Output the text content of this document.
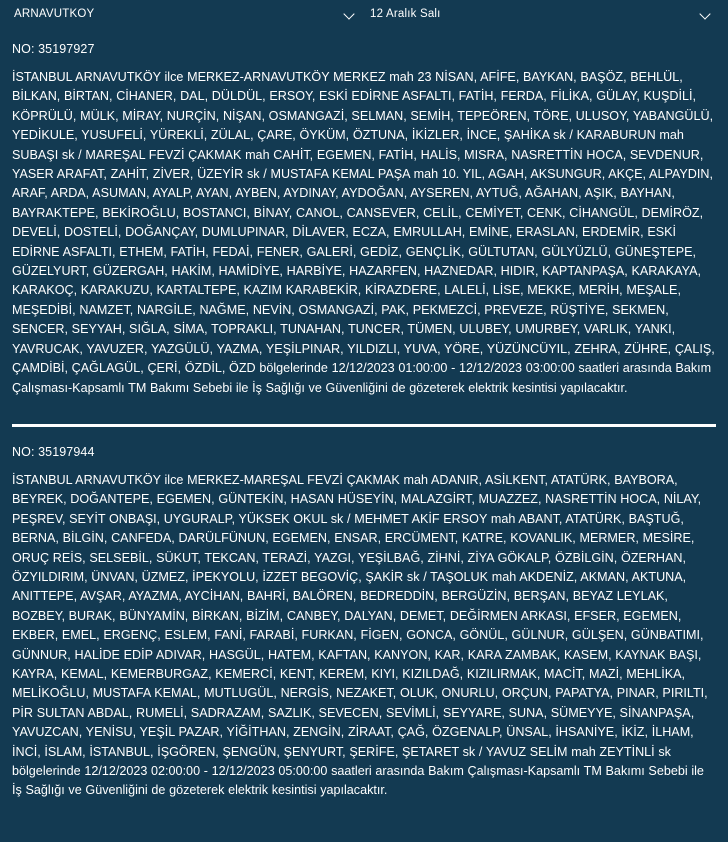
ARNAVUTKÖY	12 Aralık Salı
NO: 35197927

İSTANBUL ARNAVUTKÖY ilce MERKEZ-ARNAVUTKÖY MERKEZ mah 23 NİSAN, AFİFE, BAYKAN, BAŞÖZ, BEHLÜL, BİLKAN, BİRTAN, CİHANER, DAL, DÜLDÜL, ERSOY, ESKİ EDİRNE ASFALTI, FATİH, FERDA, FİLİKA, GÜLAY, KUŞDİLİ, KÖPRÜLÜ, MÜLK, MİRAY, NURÇİN, NİŞAN, OSMANGAZİ, SELMAN, SEMİH, TEPEÖREN, TÖRE, ULUSOY, YABANGÜLÜ, YEDİKULE, YUSUFELİ, YÜREKLİ, ZÜLAL, ÇARE, ÖYKÜM, ÖZTUNA, İKİZLER, İNCE, ŞAHİKA sk / KARABURUN mah SUBAŞI sk / MAREŞAL FEVZİ ÇAKMAK mah CAHİT, EGEMEN, FATİH, HALİS, MISRA, NASRETTİN HOCA, SEVDENUR, YASER ARAFAT, ZAHİT, ZİVER, ÜZEYİR sk / MUSTAFA KEMAL PAŞA mah 10. YIL, AGAH, AKSUNGUR, AKÇE, ALPAYDIN, ARAF, ARDA, ASUMAN, AYALP, AYAN, AYBEN, AYDINAY, AYDOĞAN, AYSEREN, AYTUĞ, AĞAHAN, AŞIK, BAYHAN, BAYRAKTEPE, BEKİROĞLU, BOSTANCI, BİNAY, CANOL, CANSEVER, CELİL, CEMİYET, CENK, CİHANGÜL, DEMİRÖZ, DEVELİ, DOSTELİ, DOĞANÇAY, DUMLUPINAR, DİLAVER, ECZA, EMRULLAH, EMİNE, ERASLAN, ERDEMİR, ESKİ EDİRNE ASFALTI, ETHEM, FATİH, FEDAİ, FENER, GALERİ, GEDİZ, GENÇLİK, GÜLTUTAN, GÜLYÜZLÜ, GÜNEŞTEPE, GÜZELYURT, GÜZERGAH, HAKİM, HAMİDİYE, HARBİYE, HAZARFEN, HAZNEDAR, HIDIR, KAPTANPAŞA, KARAKAYA, KARAKOÇ, KARAKUZU, KARTALTEPE, KAZIM KARABEKİR, KİRAZDERE, LALELİ, LİSE, MEKKE, MERİH, MEŞALE, MEŞEDİBİ, NAMZET, NARGİLE, NAĞME, NEVİN, OSMANGAZİ, PAK, PEKMEZCİ, PREVEZE, RÜŞTİYE, SEKMEN, SENCER, SEYYAH, SIĞLA, SİMA, TOPRAKLI, TUNAHAN, TUNCER, TÜMEN, ULUBEY, UMURBEY, VARLIK, YANKI, YAVRUCAK, YAVUZER, YAZGÜLÜ, YAZMA, YEŞİLPINAR, YILDIZLI, YUVA, YÖRE, YÜZÜNCÜYIL, ZEHRA, ZÜHRE, ÇALIŞ, ÇAMDİBİ, ÇAĞLAGÜL, ÇERİ, ÖZDİL, ÖZD bölgelerinde 12/12/2023 01:00:00 - 12/12/2023 03:00:00 saatleri arasında Bakım Çalışması-Kapsamlı TM Bakımı Sebebi ile İş Sağlığı ve Güvenliğini de gözeterek elektrik kesintisi yapılacaktır.

NO: 35197944

İSTANBUL ARNAVUTKÖY ilce MERKEZ-MAREŞAL FEVZİ ÇAKMAK mah ADANIR, ASİLKENT, ATATÜRK, BAYBORA, BEYREK, DOĞANTEPE, EGEMEN, GÜNTEKİN, HASAN HÜSEYİN, MALAZGİRT, MUAZZEZ, NASRETTİN HOCA, NİLAY, PEŞREV, SEYİT ONBAŞI, UYGURALP, YÜKSEK OKUL sk / MEHMET AKİF ERSOY mah ABANT, ATATÜRK, BAŞTUĞ, BERNA, BİLGİN, CANFEDA, DARÜLFÜNUN, EGEMEN, ENSAR, ERCÜMENT, KATRE, KOVANLIK, MERMER, MESİRE, ORUÇ REİS, SELSEBİL, SÜKUT, TEKCAN, TERAZİ, YAZGI, YEŞİLBAĞ, ZİHNİ, ZİYA GÖKALP, ÖZBİLGİN, ÖZERHAN, ÖZYILDIRIM, ÜNVAN, ÜZMEZ, İPEKYOLU, İZZET BEGOVİÇ, ŞAKİR sk / TAŞOLUK mah AKDENİZ, AKMAN, AKTUNA, ANITTEPE, AVŞAR, AYAZMA, AYCİHAN, BAHRİ, BALÖREN, BEDREDDİN, BERGÜZİN, BERŞAN, BEYAZ LEYLAK, BOZBEY, BURAK, BÜNYAMİN, BİRKAN, BİZİM, CANBEY, DALYAN, DEMET, DEĞİRMEN ARKASI, EFSER, EGEMEN, EKBER, EMEL, ERGENÇ, ESLEM, FANİ, FARABİ, FURKAN, FİGEN, GONCA, GÖNÜL, GÜLNUR, GÜLŞEN, GÜNBATIMI, GÜNNUR, HALİDE EDİP ADIVAR, HASGÜL, HATEM, KAFTAN, KANYON, KAR, KARA ZAMBAK, KASEM, KAYNAK BAŞI, KAYRA, KEMAL, KEMERBURGAZ, KEMERCİ, KENT, KEREM, KIYI, KIZILDAĞ, KIZILIRMAK, MACİT, MAZİ, MEHLİKA, MELİKOĞLU, MUSTAFA KEMAL, MUTLUGÜL, NERGİS, NEZAKET, OLUK, ONURLU, ORÇUN, PAPATYA, PINAR, PIRILTI, PİR SULTAN ABDAL, RUMELİ, SADRAZAM, SAZLIK, SEVECEN, SEVİMLİ, SEYYARE, SUNA, SÜMEYYE, SİNANPAŞA, YAVUZCAN, YENİSU, YEŞİL PAZAR, YİĞİTHAN, ZENGİN, ZİRAAT, ÇAĞ, ÖZGENALP, ÜNSAL, İHSANİYE, İKİZ, İLHAM, İNCİ, İSLAM, İSTANBUL, İŞGÖREN, ŞENGÜN, ŞENYURT, ŞERİFE, ŞETARET sk / YAVUZ SELİM mah ZEYTİNLİ sk bölgelerinde 12/12/2023 02:00:00 - 12/12/2023 05:00:00 saatleri arasında Bakım Çalışması-Kapsamlı TM Bakımı Sebebi ile İş Sağlığı ve Güvenliğini de gözeterek elektrik kesintisi yapılacaktır.
